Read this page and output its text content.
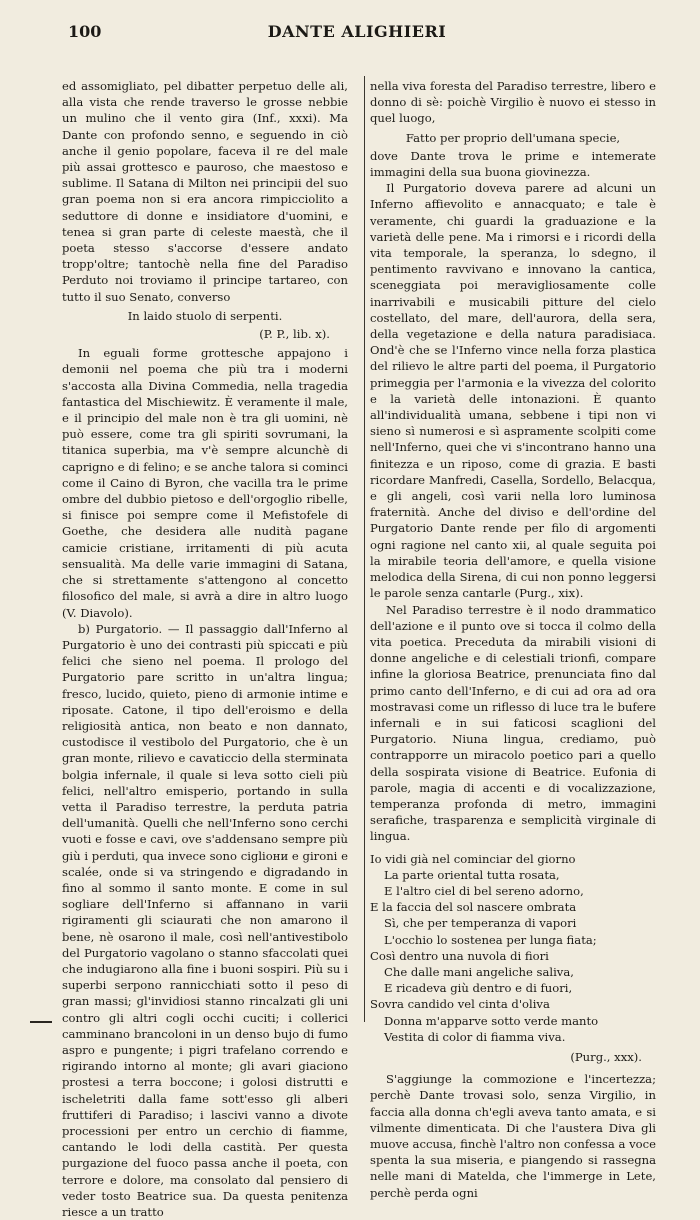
100	DANTE ALIGHIERI

ed assomigliato, pel dibatter perpetuo delle ali, alla vista che rende traverso le grosse nebbie un mulino che il vento gira (Inf., xxxi). Ma Dante con profondo senno, e seguendo in ciò anche il genio popolare, faceva il re del male più assai grottesco e pauroso, che maestoso e sublime. Il Satana di Milton nei principii del suo gran poema non si era ancora rimpicciolito a seduttore di donne e insidiatore d'uomini, e tenea si gran parte di celeste maestà, che il poeta stesso s'accorse d'essere andato tropp'oltre; tantochè nella fine del Paradiso Perduto noi troviamo il principe tartareo, con tutto il suo Senato, converso

In laido stuolo di serpenti.

(P. P., lib. x).

In eguali forme grottesche appajono i demonii nel poema che più tra i moderni s'accosta alla Divina Commedia, nella tragedia fantastica del Mischiewitz. È veramente il male, e il principio del male non è tra gli uomini, nè può essere, come tra gli spiriti sovrumani, la titanica superbia, ma v'è sempre alcunchè di caprigno e di felino; e se anche talora si cominci come il Caino di Byron, che vacilla tra le prime ombre del dubbio pietoso e dell'orgoglio ribelle, si finisce poi sempre come il Mefistofele di Goethe, che desidera alle nudità pagane camicie cristiane, irritamenti di più acuta sensualità. Ma delle varie immagini di Satana, che si strettamente s'attengono al concetto filosofico del male, si avrà a dire in altro luogo (V. Diavolo).

b) Purgatorio. — Il passaggio dall'Inferno al Purgatorio è uno dei contrasti più spiccati e più felici che sieno nel poema. Il prologo del Purgatorio pare scritto in un'altra lingua; fresco, lucido, quieto, pieno di armonie intime e riposate. Catone, il tipo dell'eroismo e della religiosità antica, non beato e non dannato, custodisce il vestibolo del Purgatorio, che è un gran monte, rilievo e cavaticcio della sterminata bolgia infernale, il quale si leva sotto cieli più felici, nell'altro emisperio, portando in sulla vetta il Paradiso terrestre, la perduta patria dell'umanità. Quelli che nell'Inferno sono cerchi vuoti e fosse e cavi, ove s'addensano sempre più giù i perduti, qua invece sono cigliони e gironi e scalée, onde si va stringendo e digradando in fino al sommo il santo monte. E come in sul sogliare dell'Inferno si affannano in varii rigiramenti gli sciaurati che non amarono il bene, nè osarono il male, così nell'antivestibolo del Purgatorio vagolano o stanno sfaccolati quei che indugiarono alla fine i buoni sospiri. Più su i superbi serpono rannicchiati sotto il peso di gran massi; gl'invidiosi stanno rincalzati gli uni contro gli altri cogli occhi cuciti; i collerici camminano brancoloni in un denso bujo di fumo aspro e pungente; i pigri trafelano correndo e rigirando intorno al monte; gli avari giaciono prostesi a terra boccone; i golosi distrutti e ischeletriti dalla fame sott'esso gli alberi fruttiferi di Paradiso; i lascivi vanno a divote processioni per entro un cerchio di fiamme, cantando le lodi della castità. Per questa purgazione del fuoco passa anche il poeta, con terrore e dolore, ma consolato dal pensiero di veder tosto Beatrice sua. Da questa penitenza riesce a un tratto

nella viva foresta del Paradiso terrestre, libero e donno di sè: poichè Virgilio è nuovo ei stesso in quel luogo,

Fatto per proprio dell'umana specie,

dove Dante trova le prime e intemerate immagini della sua buona giovinezza.

Il Purgatorio doveva parere ad alcuni un Inferno affievolito e annacquato; e tale è veramente, chi guardi la graduazione e la varietà delle pene. Ma i rimorsi e i ricordi della vita temporale, la speranza, lo sdegno, il pentimento ravvivano e innovano la cantica, sceneggiata poi meravigliosamente colle inarrivabili e musicabili pitture del cielo costellato, del mare, dell'aurora, della sera, della vegetazione e della natura paradisiaca. Ond'è che se l'Inferno vince nella forza plastica del rilievo le altre parti del poema, il Purgatorio primeggia per l'armonia e la vivezza del colorito e la varietà delle intonazioni. È quanto all'individualità umana, sebbene i tipi non vi sieno sì numerosi e sì aspramente scolpiti come nell'Inferno, quei che vi s'incontrano hanno una finitezza e un riposo, come di grazia. E basti ricordare Manfredi, Casella, Sordello, Belacqua, e gli angeli, così varii nella loro luminosa fraternità. Anche del diviso e dell'ordine del Purgatorio Dante rende per filo di argomenti ogni ragione nel canto xii, al quale seguita poi la mirabile teoria dell'amore, e quella visione melodica della Sirena, di cui non ponno leggersi le parole senza cantarle (Purg., xix).

Nel Paradiso terrestre è il nodo drammatico dell'azione e il punto ove si tocca il colmo della vita poetica. Preceduta da mirabili visioni di donne angeliche e di celestiali trionfi, compare infine la gloriosa Beatrice, prenunciata fino dal primo canto dell'Inferno, e di cui ad ora ad ora mostravasi come un riflesso di luce tra le bufere infernali e in sui faticosi scaglioni del Purgatorio. Niuna lingua, crediamo, può contrapporre un miracolo poetico pari a quello della sospirata visione di Beatrice. Eufonia di parole, magia di accenti e di vocalizzazione, temperanza profonda di metro, immagini serafiche, trasparenza e semplicità virginale di lingua.

Io vidi già nel cominciar del giorno
La parte oriental tutta rosata,
E l'altro ciel di bel sereno adorno,
E la faccia del sol nascere ombrata
Sì, che per temperanza di vapori
L'occhio lo sostenea per lunga fiata;
Così dentro una nuvola di fiori
Che dalle mani angeliche saliva,
E ricadeva giù dentro e di fuori,
Sovra candido vel cinta d'oliva
Donna m'apparve sotto verde manto
Vestita di color di fiamma viva.

(Purg., xxx).

S'aggiunge la commozione e l'incertezza; perchè Dante trovasi solo, senza Virgilio, in faccia alla donna ch'egli aveva tanto amata, e si vilmente dimenticata. Di che l'austera Diva gli muove accusa, finchè l'altro non confessa a voce spenta la sua miseria, e piangendo si rassegna nelle mani di Matelda, che l'immerge in Lete, perchè perda ogni
